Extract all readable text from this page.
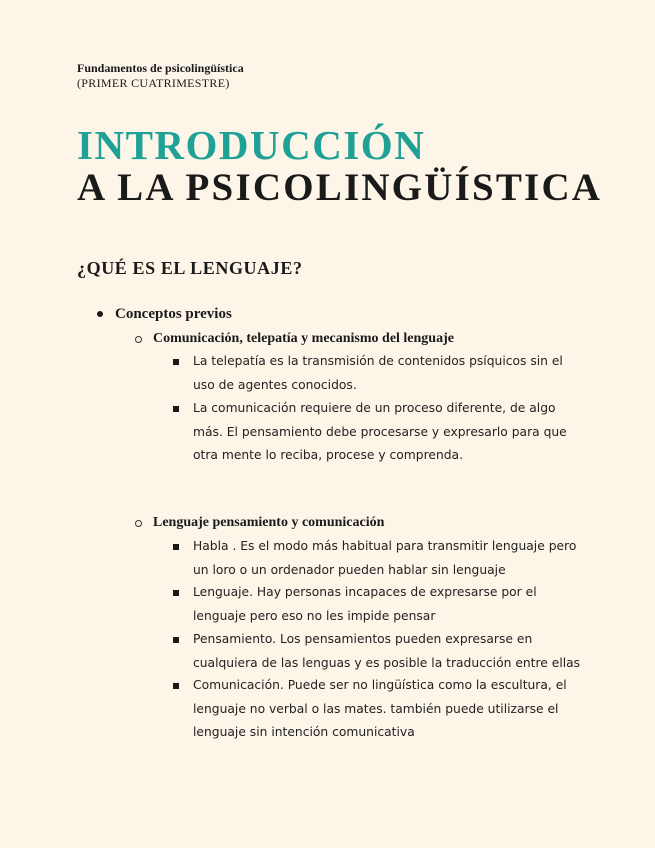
Fundamentos de psicolingüística
(PRIMER CUATRIMESTRE)
INTRODUCCIÓN
A LA PSICOLINGÜÍSTICA
¿QUÉ ES EL LENGUAJE?
Conceptos previos
Comunicación, telepatía y mecanismo del lenguaje
La telepatía es la transmisión de contenidos psíquicos sin el uso de agentes conocidos.
La comunicación requiere de un proceso diferente, de algo más. El pensamiento debe procesarse y expresarlo para que otra mente lo reciba, procese y comprenda.
Lenguaje pensamiento y comunicación
Habla . Es el modo más habitual para transmitir lenguaje pero un loro o un ordenador pueden hablar sin lenguaje
Lenguaje. Hay personas incapaces de expresarse por el lenguaje pero eso no les impide pensar
Pensamiento. Los pensamientos pueden expresarse en cualquiera de las lenguas y es posible la traducción entre ellas
Comunicación. Puede ser no lingüística como la escultura, el lenguaje no verbal o las mates. también puede utilizarse el lenguaje sin intención comunicativa
